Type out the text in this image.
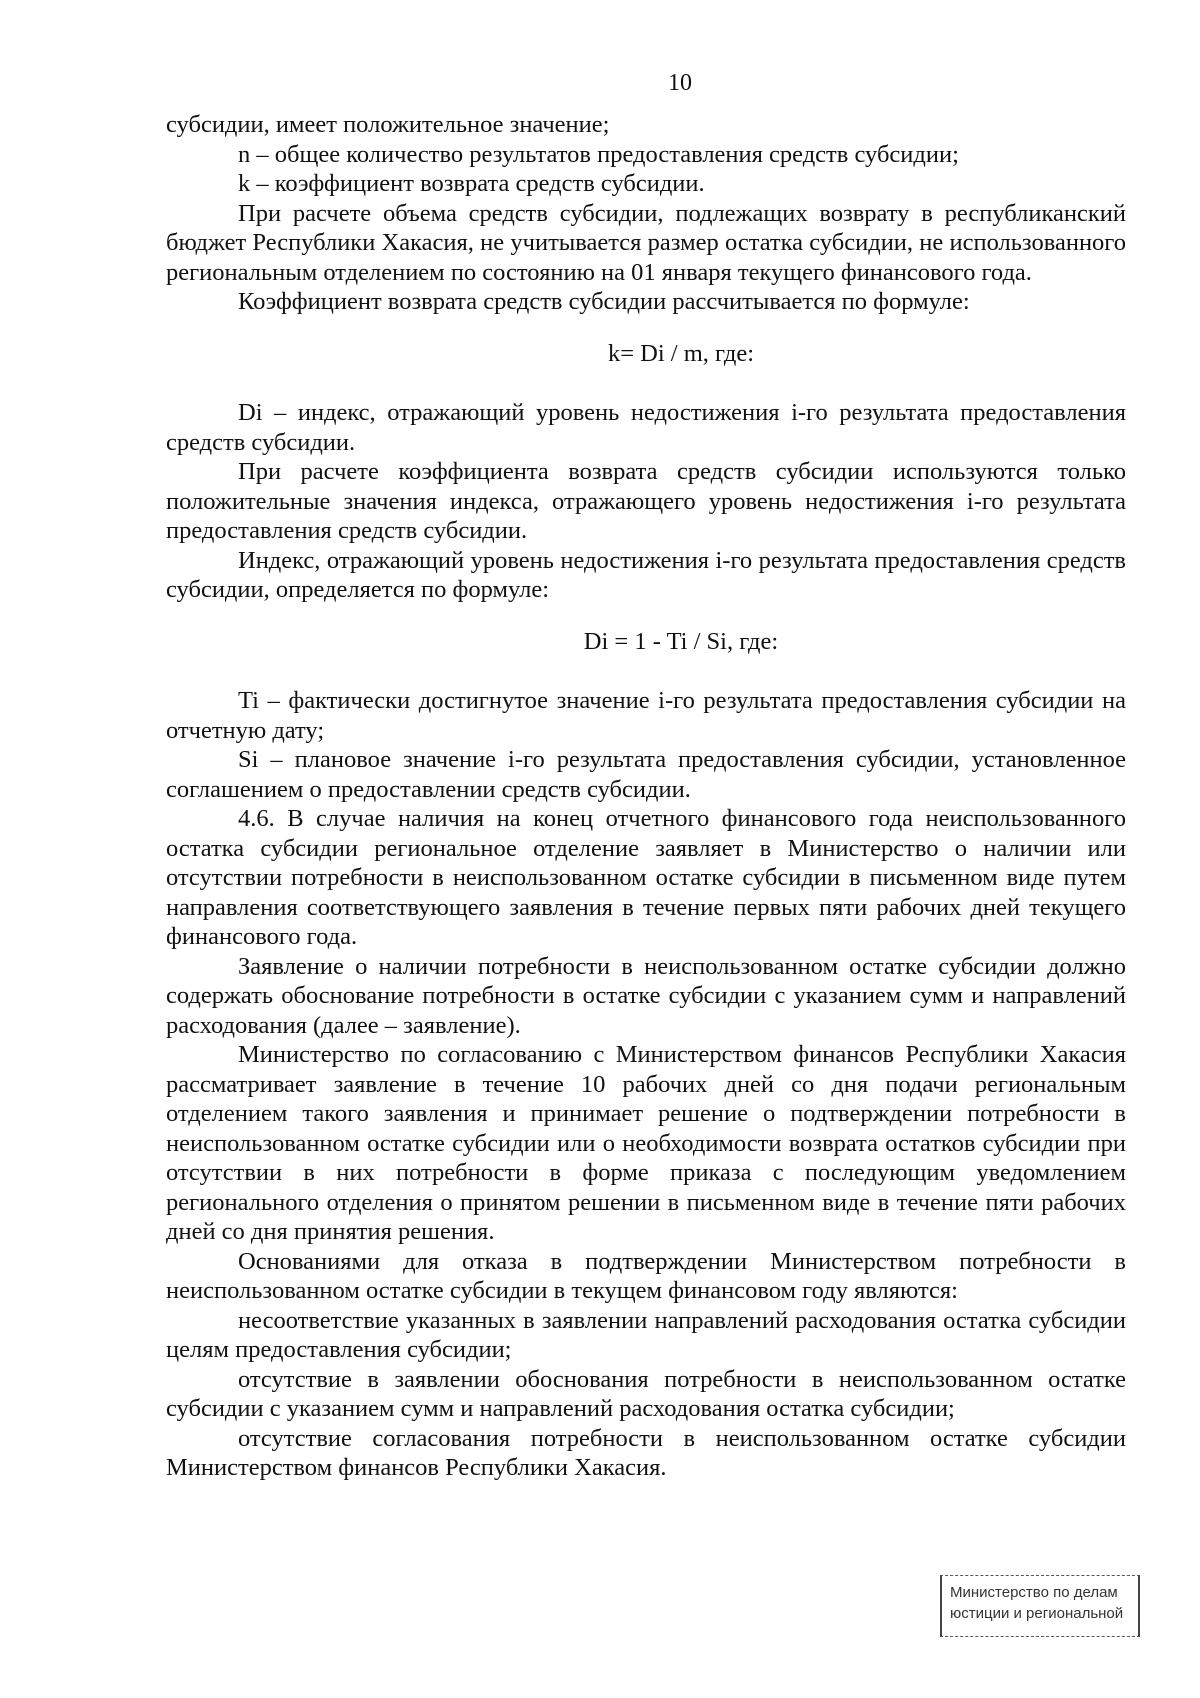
10

субсидии, имеет положительное значение;

n – общее количество результатов предоставления средств субсидии;

k – коэффициент возврата средств субсидии.

При расчете объема средств субсидии, подлежащих возврату в республиканский бюджет Республики Хакасия, не учитывается размер остатка субсидии, не использованного региональным отделением по состоянию на 01 января текущего финансового года.

Коэффициент возврата средств субсидии рассчитывается по формуле:

k= Di / m, где:

Di – индекс, отражающий уровень недостижения i-го результата предоставления средств субсидии.

При расчете коэффициента возврата средств субсидии используются только положительные значения индекса, отражающего уровень недостижения i-го результата предоставления средств субсидии.

Индекс, отражающий уровень недостижения i-го результата предоставления средств субсидии, определяется по формуле:

Di = 1 - Ti / Si, где:

Ti – фактически достигнутое значение i-го результата предоставления субсидии на отчетную дату;

Si – плановое значение i-го результата предоставления субсидии, установленное соглашением о предоставлении средств субсидии.

4.6. В случае наличия на конец отчетного финансового года неиспользованного остатка субсидии региональное отделение заявляет в Министерство о наличии или отсутствии потребности в неиспользованном остатке субсидии в письменном виде путем направления соответствующего заявления в течение первых пяти рабочих дней текущего финансового года.

Заявление о наличии потребности в неиспользованном остатке субсидии должно содержать обоснование потребности в остатке субсидии с указанием сумм и направлений расходования (далее – заявление).

Министерство по согласованию с Министерством финансов Республики Хакасия рассматривает заявление в течение 10 рабочих дней со дня подачи региональным отделением такого заявления и принимает решение о подтверждении потребности в неиспользованном остатке субсидии или о необходимости возврата остатков субсидии при отсутствии в них потребности в форме приказа с последующим уведомлением регионального отделения о принятом решении в письменном виде в течение пяти рабочих дней со дня принятия решения.

Основаниями для отказа в подтверждении Министерством потребности в неиспользованном остатке субсидии в текущем финансовом году являются:

несоответствие указанных в заявлении направлений расходования остатка субсидии целям предоставления субсидии;

отсутствие в заявлении обоснования потребности в неиспользованном остатке субсидии с указанием сумм и направлений расходования остатка субсидии;

отсутствие согласования потребности в неиспользованном остатке субсидии Министерством финансов Республики Хакасия.

Министерство по делам
юстиции и региональной
